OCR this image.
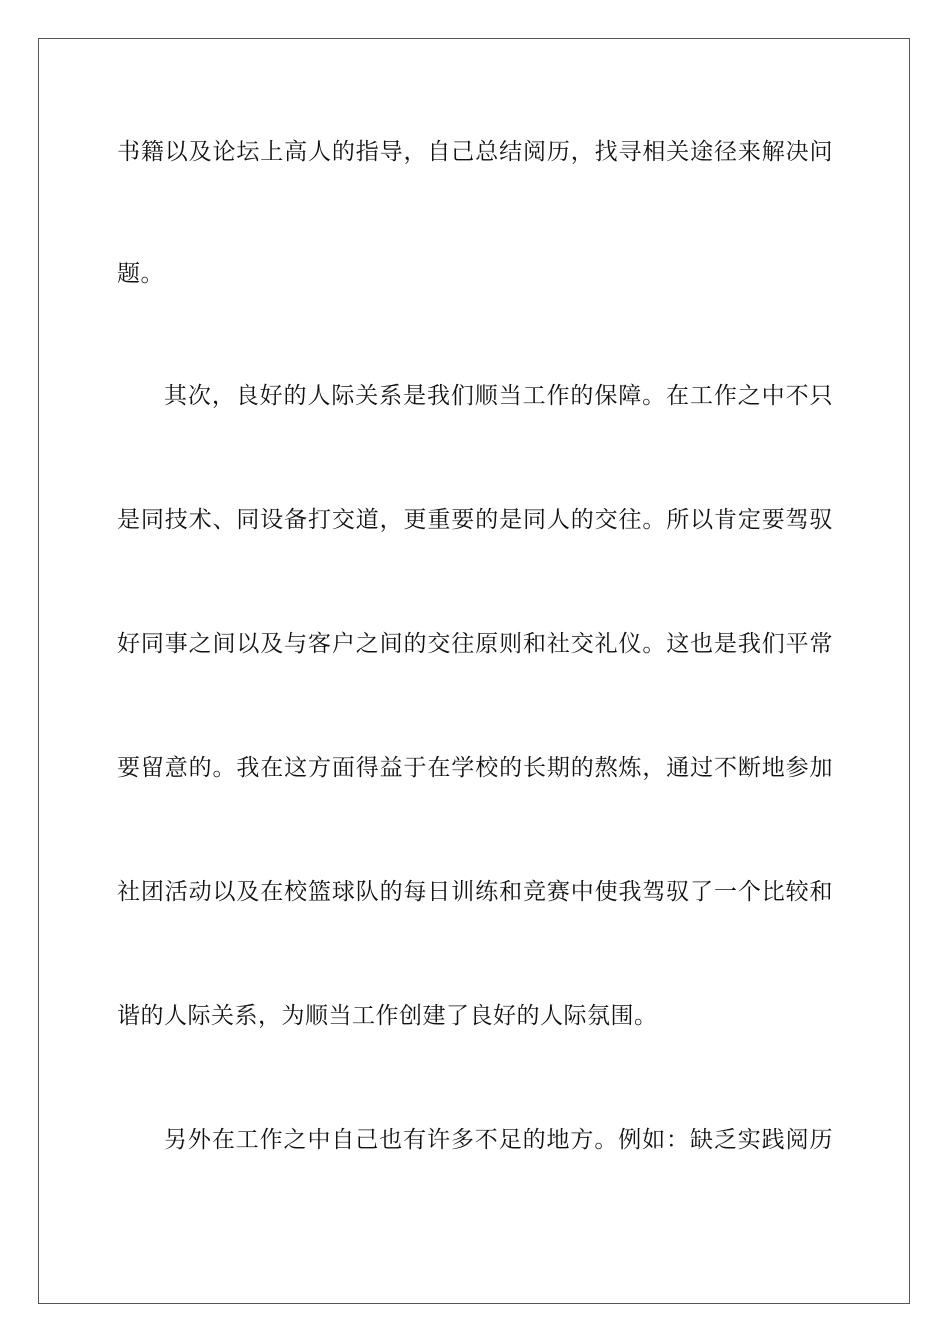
书籍以及论坛上高人的指导，自己总结阅历，找寻相关途径来解决问
题。
其次，良好的人际关系是我们顺当工作的保障。在工作之中不只
是同技术、同设备打交道，更重要的是同人的交往。所以肯定要驾驭
好同事之间以及与客户之间的交往原则和社交礼仪。这也是我们平常
要留意的。我在这方面得益于在学校的长期的熬炼，通过不断地参加
社团活动以及在校篮球队的每日训练和竞赛中使我驾驭了一个比较和
谐的人际关系，为顺当工作创建了良好的人际氛围。
另外在工作之中自己也有许多不足的地方。例如：缺乏实践阅历
